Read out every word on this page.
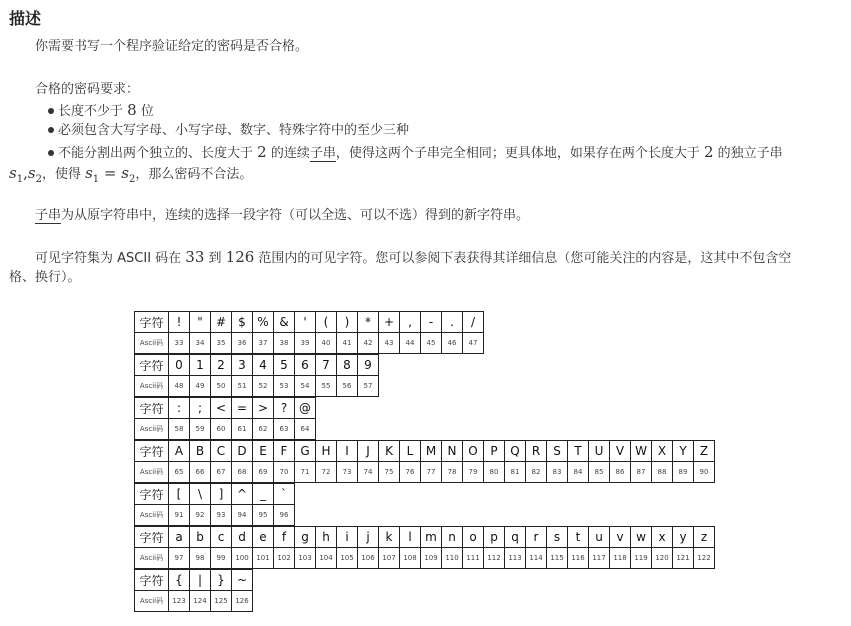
描述
你需要书写一个程序验证给定的密码是否合格。
合格的密码要求：
长度不少于 8 位
必须包含大写字母、小写字母、数字、特殊字符中的至少三种
不能分割出两个独立的、长度大于 2 的连续子串，使得这两个子串完全相同；更具体地，如果存在两个长度大于 2 的独立子串
$s_1,s_2$，使得 $s_1 = s_2$，那么密码不合法。
子串为从原字符串中，连续的选择一段字符（可以全选、可以不选）得到的新字符串。
可见字符集为 ASCII 码在 33 到 126 范围内的可见字符。您可以参阅下表获得其详细信息（您可能关注的内容是，这其中不包含空
格、换行）。
字符	!	"	#	$	%	&	'	(	)	*	+	,	-	.	/
Ascii码	33	34	35	36	37	38	39	40	41	42	43	44	45	46	47
字符	0	1	2	3	4	5	6	7	8	9
Ascii码	48	49	50	51	52	53	54	55	56	57
字符	:	;	<	=	>	?	@
Ascii码	58	59	60	61	62	63	64
字符	A	B	C	D	E	F	G	H	I	J	K	L	M	N	O	P	Q	R	S	T	U	V	W	X	Y	Z
Ascii码	65	66	67	68	69	70	71	72	73	74	75	76	77	78	79	80	81	82	83	84	85	86	87	88	89	90
字符	[	\	]	^	_	`
Ascii码	91	92	93	94	95	96
字符	a	b	c	d	e	f	g	h	i	j	k	l	m	n	o	p	q	r	s	t	u	v	w	x	y	z
Ascii码	97	98	99	100	101	102	103	104	105	106	107	108	109	110	111	112	113	114	115	116	117	118	119	120	121	122
字符	{	|	}	~
Ascii码	123	124	125	126
